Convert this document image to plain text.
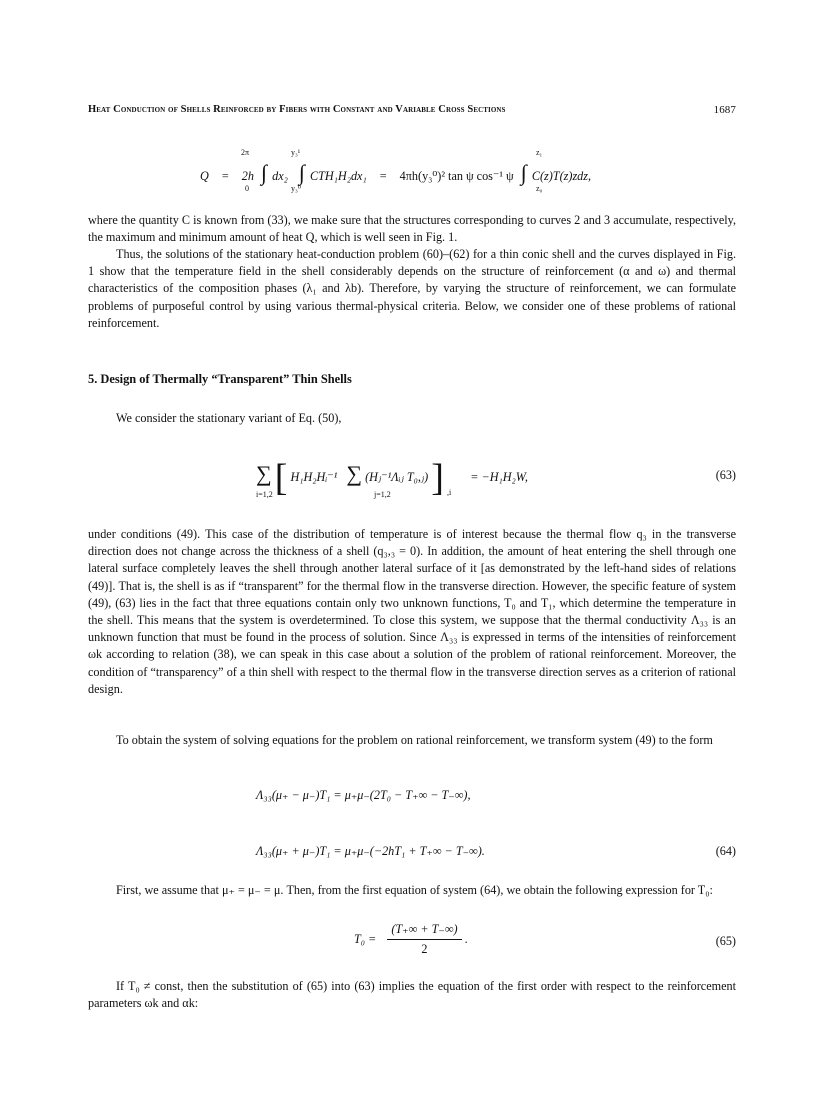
Heat Conduction of Shells Reinforced by Fibers with Constant and Variable Cross Sections	1687
Q = 2h ∫ dx₂ ∫ CTH₁H₂dx₁ = 4πh(y₃⁰)² tan ψ cos⁻¹ ψ ∫ C(z)T(z)zdz,
2π
0
y₃¹
y₃⁰
z₁
z₀

where the quantity C is known from (33), we make sure that the structures corresponding to curves 2 and 3 accumulate, respectively, the maximum and minimum amount of heat Q, which is well seen in Fig. 1.

Thus, the solutions of the stationary heat-conduction problem (60)–(62) for a thin conic shell and the curves displayed in Fig. 1 show that the temperature field in the shell considerably depends on the structure of reinforcement (α and ω) and thermal characteristics of the composition phases (λ₁ and λb). Therefore, by varying the structure of reinforcement, we can formulate problems of purposeful control by using various thermal-physical criteria. Below, we consider one of these problems of rational reinforcement.

5. Design of Thermally “Transparent” Thin Shells

We consider the stationary variant of Eq. (50),

∑ [ H₁H₂Hᵢ⁻¹ ∑ (Hⱼ⁻¹Λᵢⱼ T₀,ⱼ) ] $_{,i}$ = −H₁H₂W,
i=1,2	j=1,2
(63)

under conditions (49). This case of the distribution of temperature is of interest because the thermal flow q₃ in the transverse direction does not change across the thickness of a shell (q₃,₃ = 0). In addition, the amount of heat entering the shell through one lateral surface completely leaves the shell through another lateral surface of it [as demonstrated by the left-hand sides of relations (49)]. That is, the shell is as if “transparent” for the thermal flow in the transverse direction. However, the specific feature of system (49), (63) lies in the fact that three equations contain only two unknown functions, T₀ and T₁, which determine the temperature in the shell. This means that the system is overdetermined. To close this system, we suppose that the thermal conductivity Λ₃₃ is an unknown function that must be found in the process of solution. Since Λ₃₃ is expressed in terms of the intensities of reinforcement ωk according to relation (38), we can speak in this case about a solution of the problem of rational reinforcement. Moreover, the condition of “transparency” of a thin shell with respect to the thermal flow in the transverse direction serves as a criterion of rational design.

To obtain the system of solving equations for the problem on rational reinforcement, we transform system (49) to the form

Λ₃₃(μ₊ − μ₋)T₁ = μ₊μ₋(2T₀ − T₊∞ − T₋∞),
Λ₃₃(μ₊ + μ₋)T₁ = μ₊μ₋(−2hT₁ + T₊∞ − T₋∞).	(64)

First, we assume that μ₊ = μ₋ = μ. Then, from the first equation of system (64), we obtain the following expression for T₀:

$T_0 = \frac{(T_+\infty + T_-\infty)}{2}$ .	(65)

If T₀ ≠ const, then the substitution of (65) into (63) implies the equation of the first order with respect to the reinforcement parameters ωk and αk:
